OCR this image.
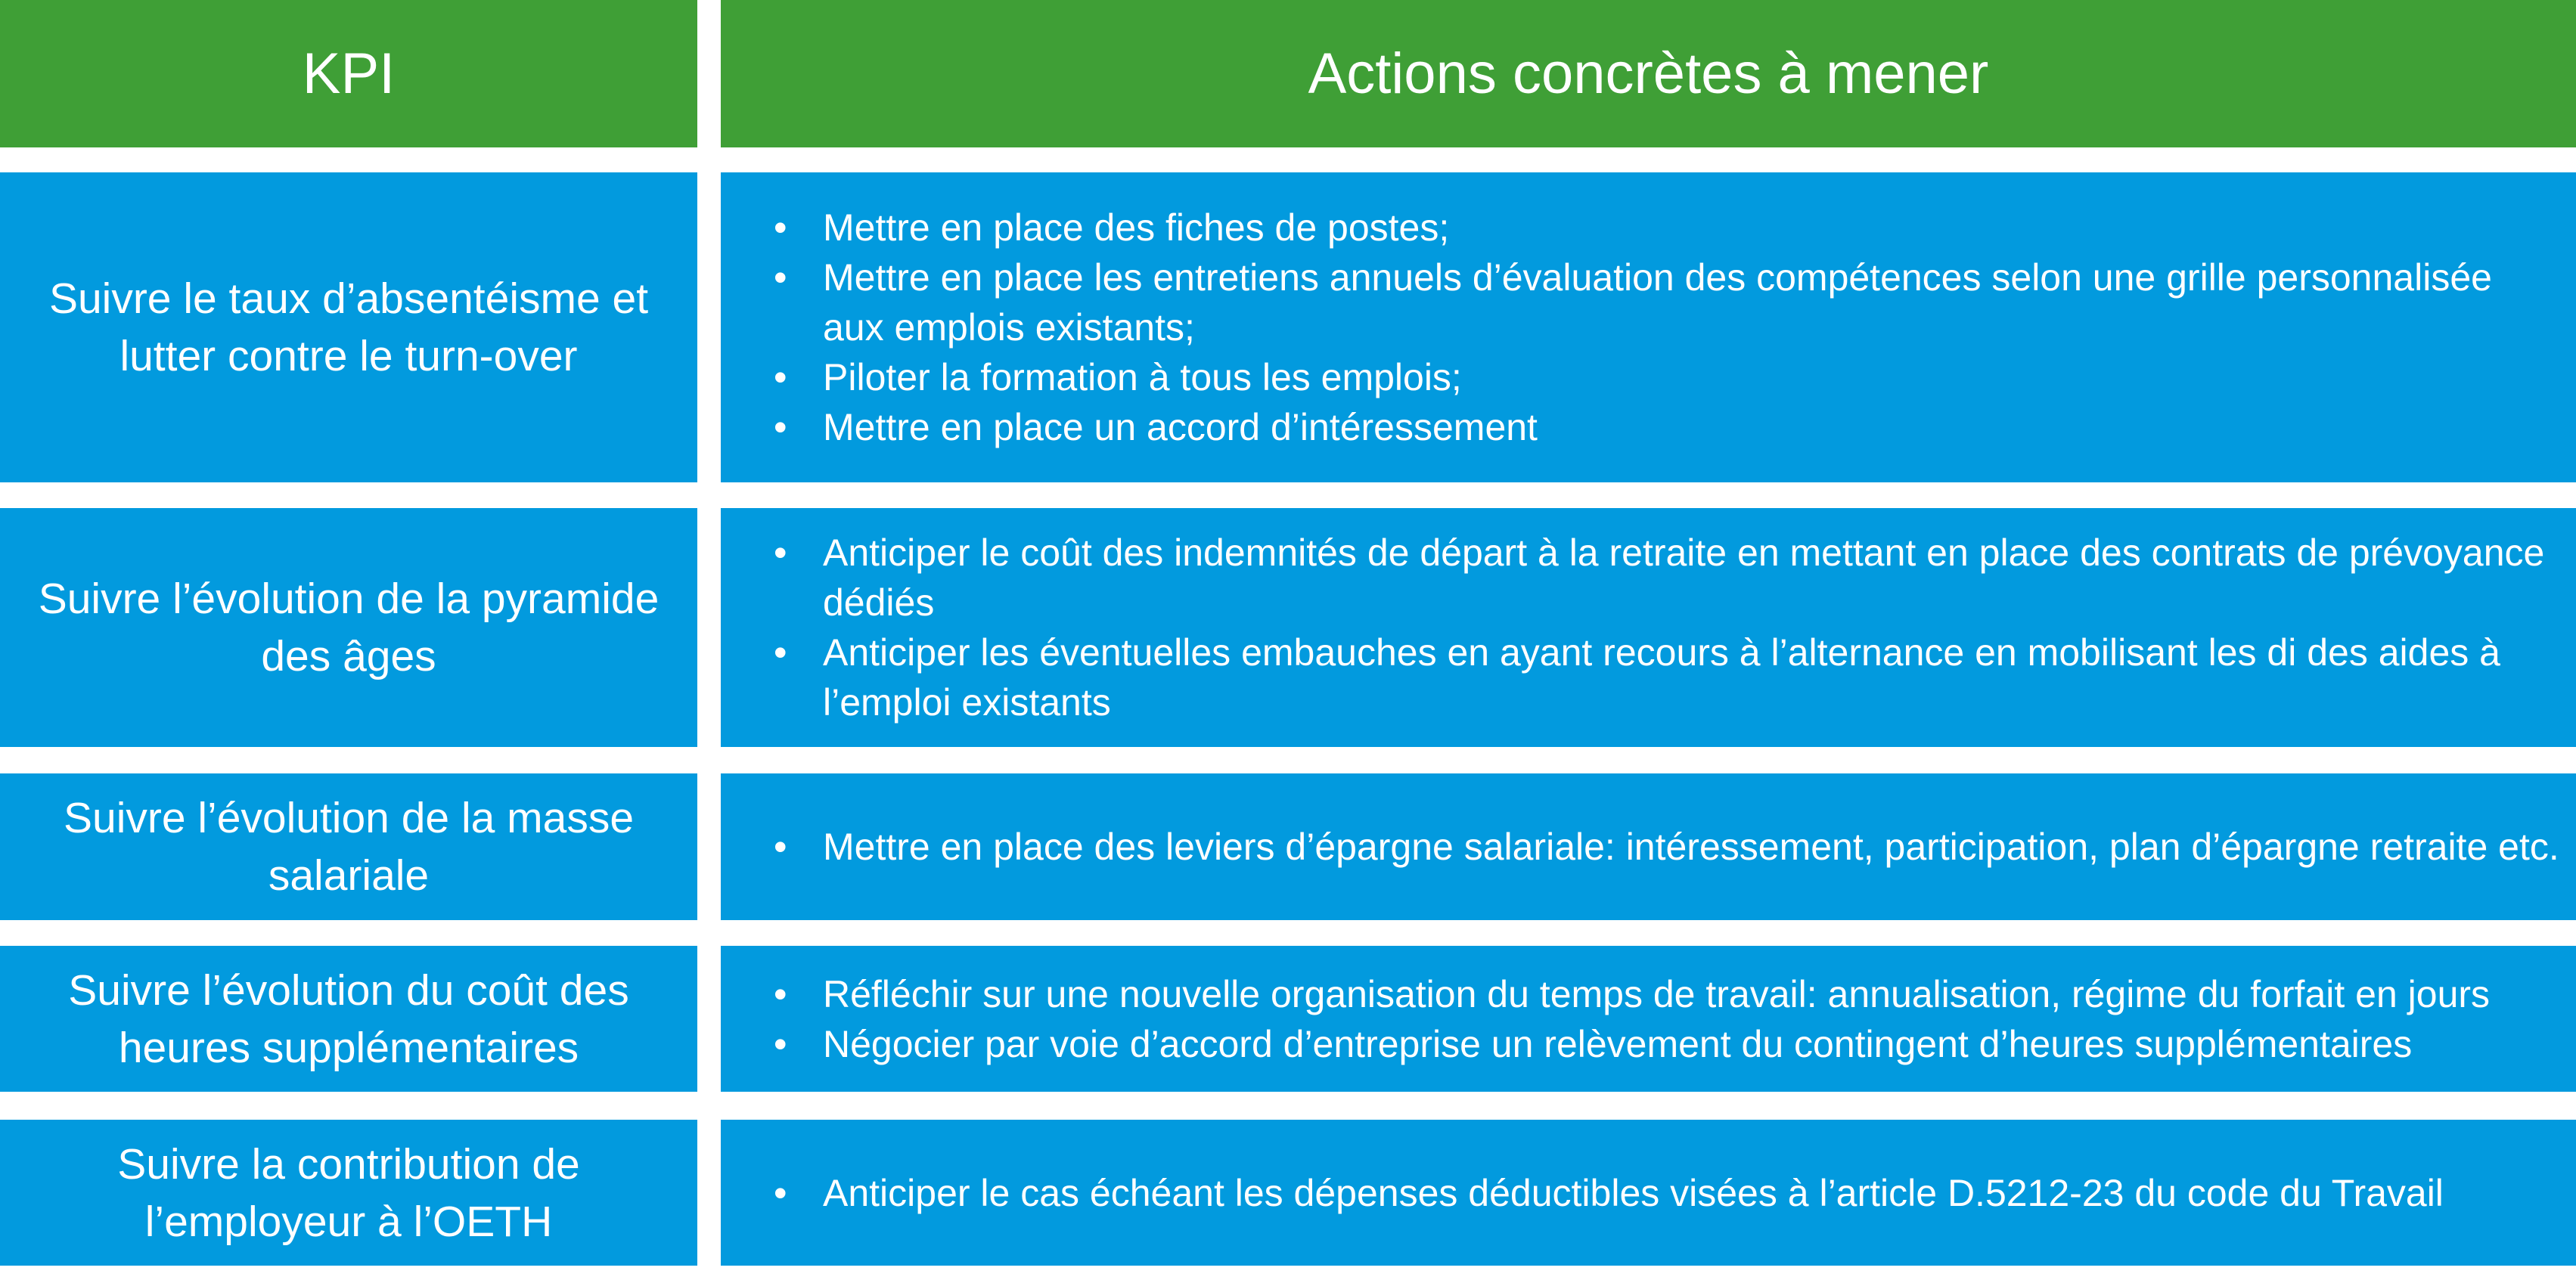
KPI	Actions concrètes à mener
Suivre le taux d’absentéisme et lutter contre le turn-over
• Mettre en place des fiches de postes;
• Mettre en place les entretiens annuels d’évaluation des compétences selon une grille personnalisée aux emplois existants;
• Piloter la formation à tous les emplois;
• Mettre en place un accord d’intéressement
Suivre l’évolution de la pyramide des âges
• Anticiper le coût des indemnités de départ à la retraite en mettant en place des contrats de prévoyance dédiés
• Anticiper les éventuelles embauches en ayant recours à l’alternance en mobilisant les di des aides à l’emploi existants
Suivre l’évolution de la masse salariale
• Mettre en place des leviers d’épargne salariale: intéressement, participation, plan d’épargne retraite etc.
Suivre l’évolution du coût des heures supplémentaires
• Réfléchir sur une nouvelle organisation du temps de travail: annualisation, régime du forfait en jours
• Négocier par voie d’accord d’entreprise un relèvement du contingent d’heures supplémentaires
Suivre la contribution de l’employeur à l’OETH
• Anticiper le cas échéant les dépenses déductibles visées à l’article D.5212-23 du code du Travail
